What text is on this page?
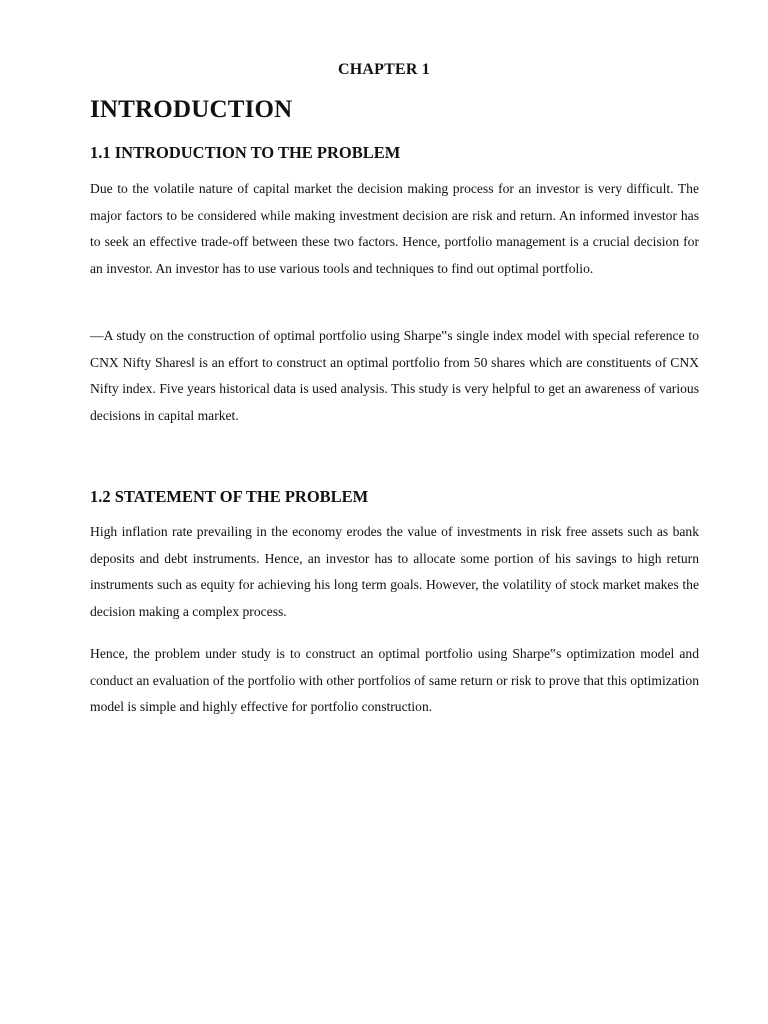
CHAPTER 1
INTRODUCTION
1.1 INTRODUCTION TO THE PROBLEM

Due to the volatile nature of capital market the decision making process for an investor is very difficult. The major factors to be considered while making investment decision are risk and return. An informed investor has to seek an effective trade-off between these two factors. Hence, portfolio management is a crucial decision for an investor. An investor has to use various tools and techniques to find out optimal portfolio.

―A study on the construction of optimal portfolio using Sharpe‟s single index model with special reference to CNX Nifty Shares‖ is an effort to construct an optimal portfolio from 50 shares which are constituents of CNX Nifty index. Five years historical data is used analysis. This study is very helpful to get an awareness of various decisions in capital market.

1.2 STATEMENT OF THE PROBLEM

High inflation rate prevailing in the economy erodes the value of investments in risk free assets such as bank deposits and debt instruments. Hence, an investor has to allocate some portion of his savings to high return instruments such as equity for achieving his long term goals. However, the volatility of stock market makes the decision making a complex process.

Hence, the problem under study is to construct an optimal portfolio using Sharpe‟s optimization model and conduct an evaluation of the portfolio with other portfolios of same return or risk to prove that this optimization model is simple and highly effective for portfolio construction.
